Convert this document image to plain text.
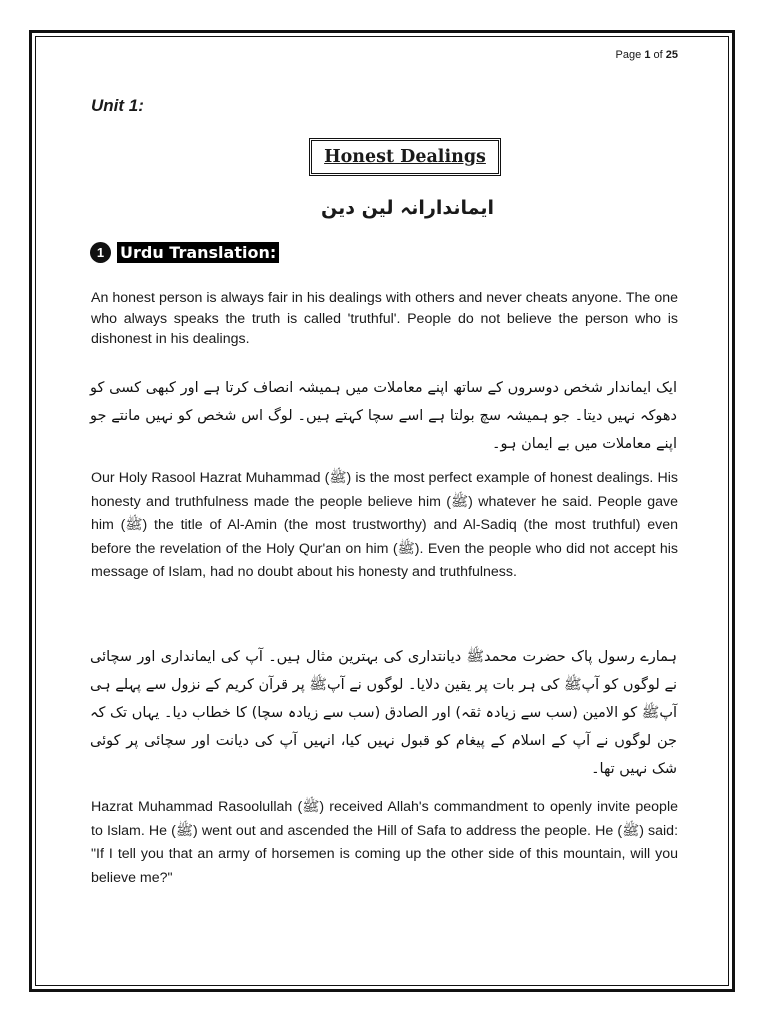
Page 1 of 25
Unit 1:
Honest Dealings
ایماندارانہ لین دین
1 Urdu Translation:
An honest person is always fair in his dealings with others and never cheats anyone. The one who always speaks the truth is called 'truthful'. People do not believe the person who is dishonest in his dealings.
ایک ایماندار شخص دوسروں کے ساتھ اپنے معاملات میں ہمیشہ انصاف کرتا ہے اور کبھی کسی کو دھوکہ نہیں دیتا۔ جو ہمیشہ سچ بولتا ہے اسے سچا کہتے ہیں۔ لوگ اس شخص کو نہیں مانتے جو اپنے معاملات میں بے ایمان ہو۔
Our Holy Rasool Hazrat Muhammad (ﷺ) is the most perfect example of honest dealings. His honesty and truthfulness made the people believe him (ﷺ) whatever he said. People gave him (ﷺ) the title of Al-Amin (the most trustworthy) and Al-Sadiq (the most truthful) even before the revelation of the Holy Qur'an on him (ﷺ). Even the people who did not accept his message of Islam, had no doubt about his honesty and truthfulness.
ہمارے رسول پاک حضرت محمدﷺ دیانتداری کی بہترین مثال ہیں۔ آپ کی ایمانداری اور سچائی نے لوگوں کو آپﷺ کی ہر بات پر یقین دلایا۔ لوگوں نے آپﷺ پر قرآن کریم کے نزول سے پہلے ہی آپﷺ کو الامین (سب سے زیادہ ثقہ) اور الصادق (سب سے زیادہ سچا) کا خطاب دیا۔ یہاں تک کہ جن لوگوں نے آپ کے اسلام کے پیغام کو قبول نہیں کیا، انہیں آپ کی دیانت اور سچائی پر کوئی شک نہیں تھا۔
Hazrat Muhammad Rasoolullah (ﷺ) received Allah's commandment to openly invite people to Islam. He (ﷺ) went out and ascended the Hill of Safa to address the people. He (ﷺ) said: "If I tell you that an army of horsemen is coming up the other side of this mountain, will you believe me?"
